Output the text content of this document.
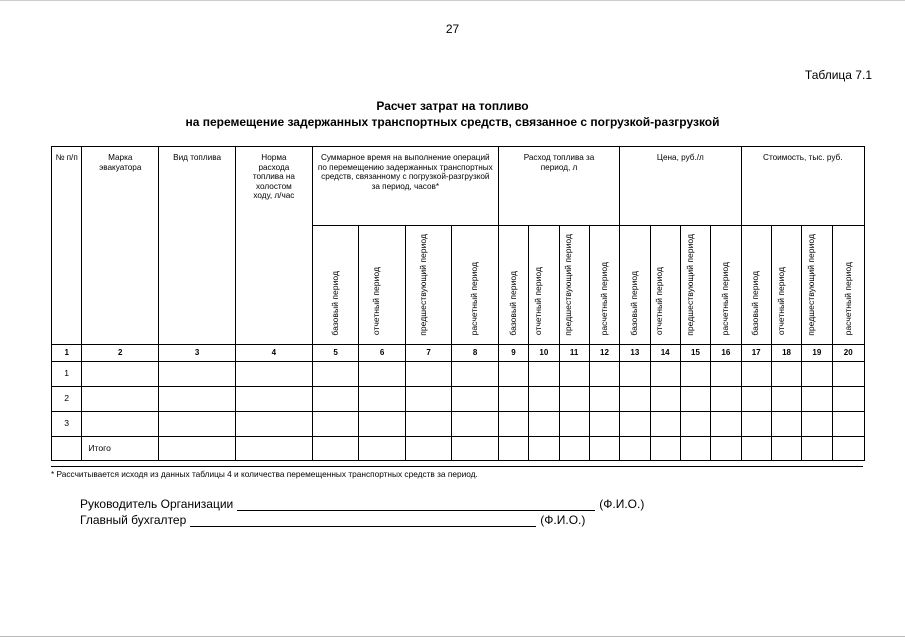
27
Таблица 7.1
Расчет затрат на топливо
на перемещение задержанных транспортных средств, связанное с погрузкой-разгрузкой
№ п/п	Марка эвакуатора	Вид топлива	Норма расхода топлива на холостом ходу, л/час	Суммарное время на выполнение операций по перемещению задержанных транспортных средств, связанному с погрузкой-разгрузкой за период, часов*				Расход топлива за период, л				Цена, руб./л				Стоимость, тыс. руб.			
				базовый период	отчетный период	предшествующий период	расчетный период	базовый период	отчетный период	предшествующий период	расчетный период	базовый период	отчетный период	предшествующий период	расчетный период	базовый период	отчетный период	предшествующий период	расчетный период
1	2	3	4	5	6	7	8	9	10	11	12	13	14	15	16	17	18	19	20
1																			
2																			
3																			
	Итого																		
* Рассчитывается исходя из данных таблицы 4 и количества перемещенных транспортных средств за период.
Руководитель Организации	(Ф.И.О.)
Главный бухгалтер	(Ф.И.О.)
